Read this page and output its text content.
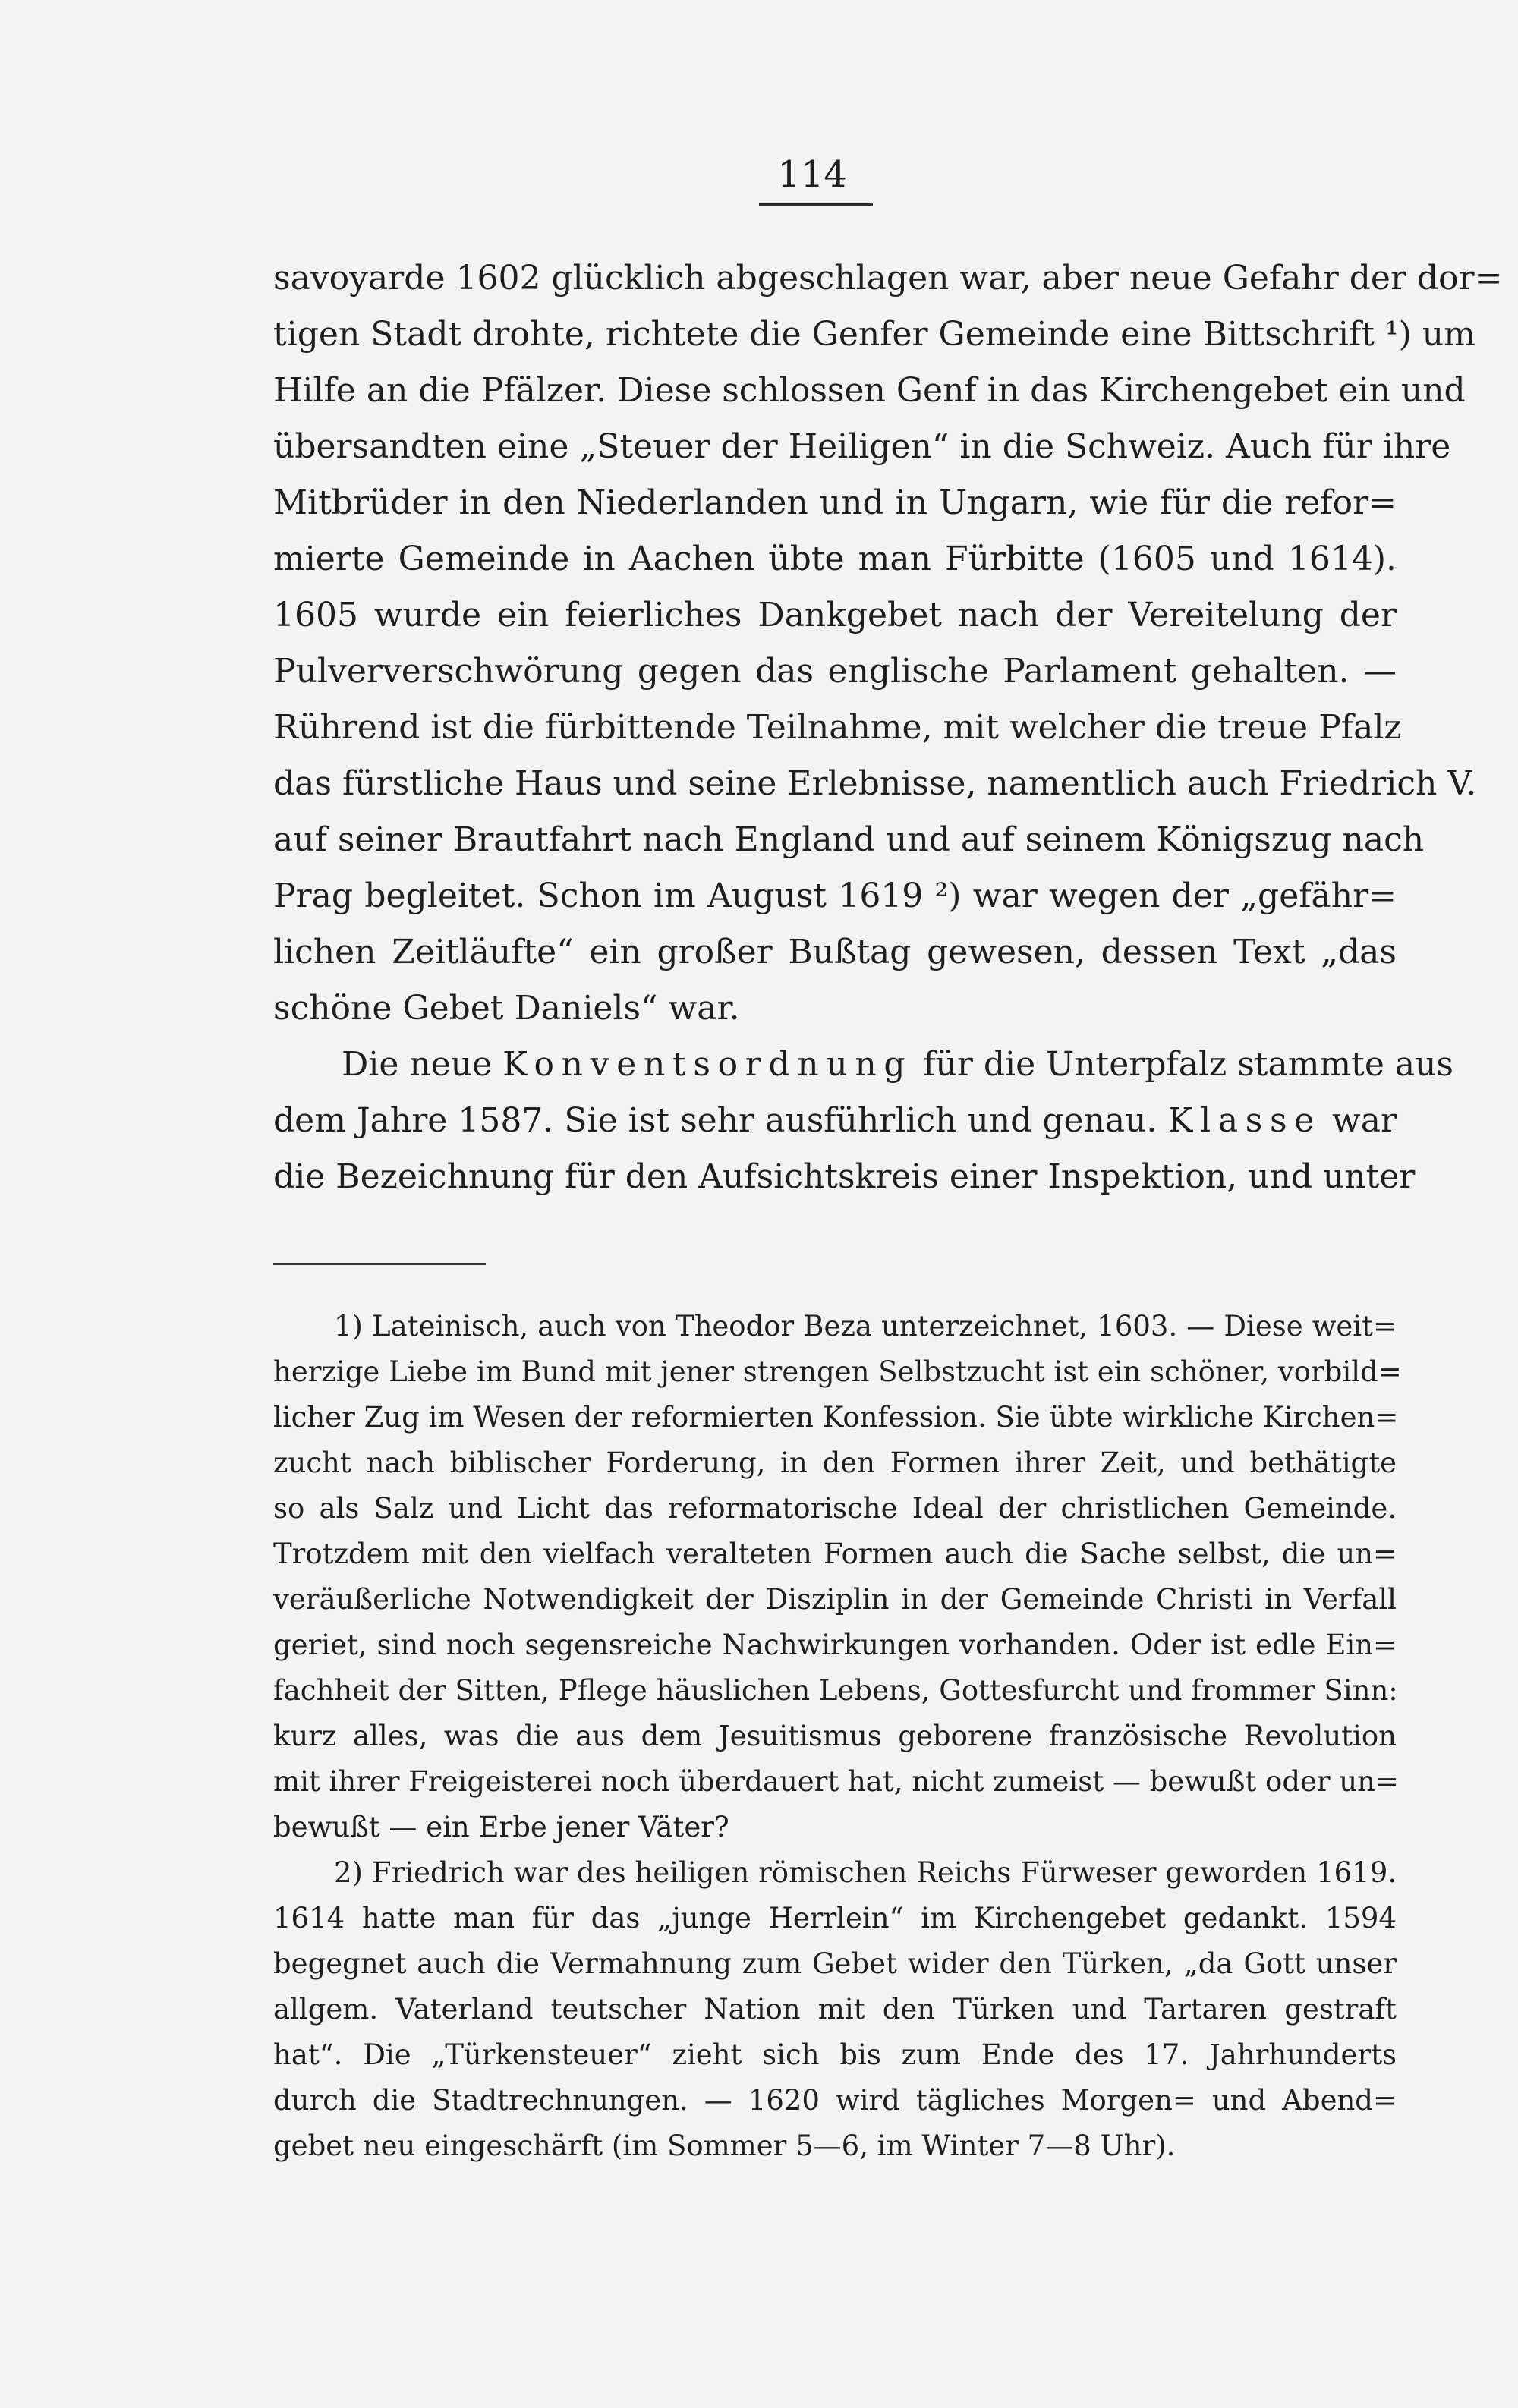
114
savoyarde 1602 glücklich abgeschlagen war, aber neue Gefahr der dor=
tigen Stadt drohte, richtete die Genfer Gemeinde eine Bittschrift ¹) um
Hilfe an die Pfälzer. Diese schlossen Genf in das Kirchengebet ein und
übersandten eine „Steuer der Heiligen“ in die Schweiz. Auch für ihre
Mitbrüder in den Niederlanden und in Ungarn, wie für die refor=
mierte Gemeinde in Aachen übte man Fürbitte (1605 und 1614).
1605 wurde ein feierliches Dankgebet nach der Vereitelung der
Pulververschwörung gegen das englische Parlament gehalten. —
Rührend ist die fürbittende Teilnahme, mit welcher die treue Pfalz
das fürstliche Haus und seine Erlebnisse, namentlich auch Friedrich V.
auf seiner Brautfahrt nach England und auf seinem Königszug nach
Prag begleitet. Schon im August 1619 ²) war wegen der „gefähr=
lichen Zeitläufte“ ein großer Bußtag gewesen, dessen Text „das
schöne Gebet Daniels“ war.
Die neue Konventsordnung für die Unterpfalz stammte aus
dem Jahre 1587. Sie ist sehr ausführlich und genau. Klasse war
die Bezeichnung für den Aufsichtskreis einer Inspektion, und unter
1) Lateinisch, auch von Theodor Beza unterzeichnet, 1603. — Diese weit=
herzige Liebe im Bund mit jener strengen Selbstzucht ist ein schöner, vorbild=
licher Zug im Wesen der reformierten Konfession. Sie übte wirkliche Kirchen=
zucht nach biblischer Forderung, in den Formen ihrer Zeit, und bethätigte
so als Salz und Licht das reformatorische Ideal der christlichen Gemeinde.
Trotzdem mit den vielfach veralteten Formen auch die Sache selbst, die un=
veräußerliche Notwendigkeit der Disziplin in der Gemeinde Christi in Verfall
geriet, sind noch segensreiche Nachwirkungen vorhanden. Oder ist edle Ein=
fachheit der Sitten, Pflege häuslichen Lebens, Gottesfurcht und frommer Sinn:
kurz alles, was die aus dem Jesuitismus geborene französische Revolution
mit ihrer Freigeisterei noch überdauert hat, nicht zumeist — bewußt oder un=
bewußt — ein Erbe jener Väter?
2) Friedrich war des heiligen römischen Reichs Fürweser geworden 1619.
1614 hatte man für das „junge Herrlein“ im Kirchengebet gedankt. 1594
begegnet auch die Vermahnung zum Gebet wider den Türken, „da Gott unser
allgem. Vaterland teutscher Nation mit den Türken und Tartaren gestraft
hat“. Die „Türkensteuer“ zieht sich bis zum Ende des 17. Jahrhunderts
durch die Stadtrechnungen. — 1620 wird tägliches Morgen= und Abend=
gebet neu eingeschärft (im Sommer 5—6, im Winter 7—8 Uhr).
